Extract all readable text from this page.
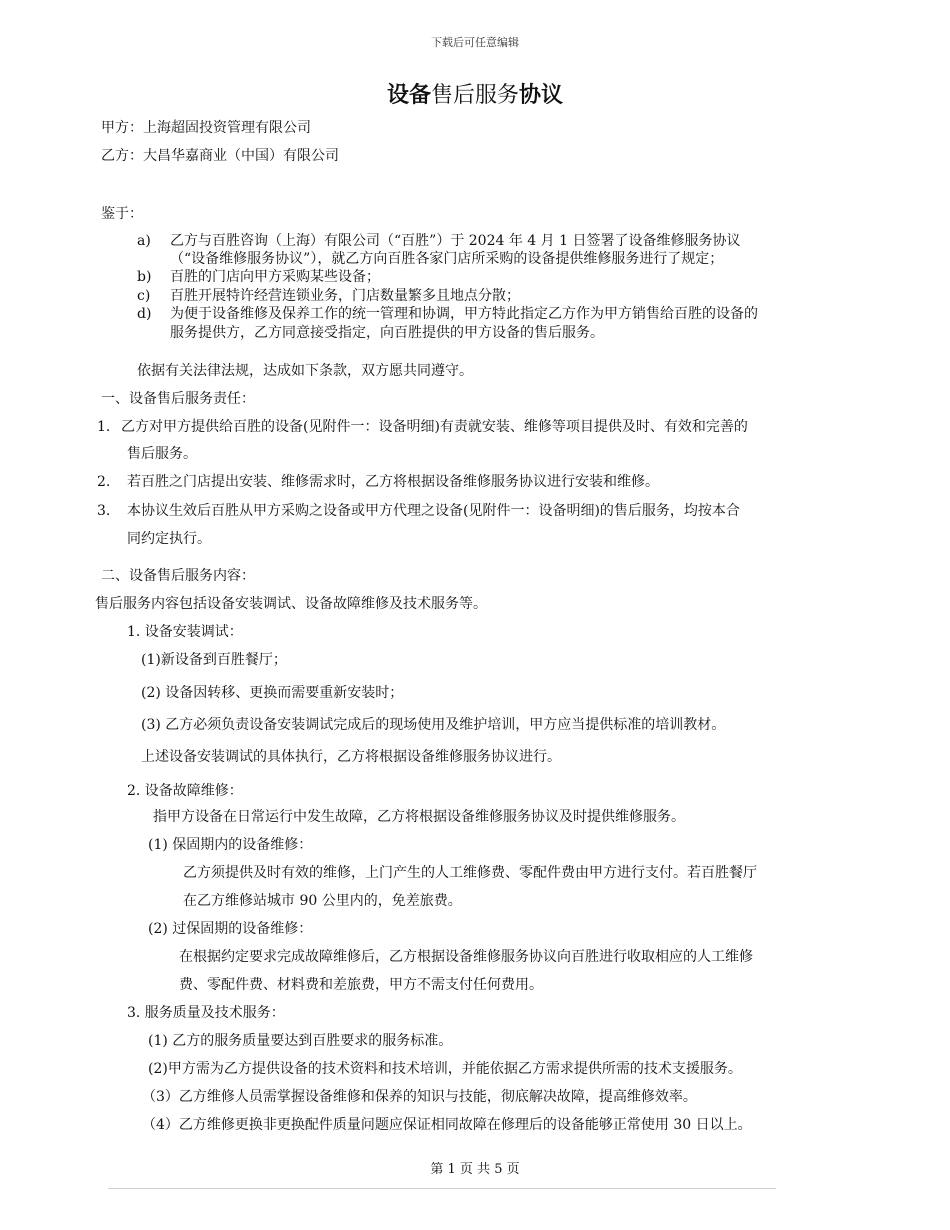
下载后可任意编辑
设备售后服务协议
甲方：上海超固投资管理有限公司
乙方：大昌华嘉商业（中国）有限公司
鉴于：
a) 乙方与百胜咨询（上海）有限公司（“百胜”）于 2024 年 4 月 1 日签署了设备维修服务协议
（“设备维修服务协议”），就乙方向百胜各家门店所采购的设备提供维修服务进行了规定；
b) 百胜的门店向甲方采购某些设备；
c) 百胜开展特许经营连锁业务，门店数量繁多且地点分散；
d) 为便于设备维修及保养工作的统一管理和协调，甲方特此指定乙方作为甲方销售给百胜的设备的
服务提供方，乙方同意接受指定，向百胜提供的甲方设备的售后服务。
依据有关法律法规，达成如下条款，双方愿共同遵守。
一、设备售后服务责任：
1. 乙方对甲方提供给百胜的设备(见附件一：设备明细)有责就安装、维修等项目提供及时、有效和完善的
售后服务。
2. 若百胜之门店提出安装、维修需求时，乙方将根据设备维修服务协议进行安装和维修。
3. 本协议生效后百胜从甲方采购之设备或甲方代理之设备(见附件一：设备明细)的售后服务，均按本合
同约定执行。
二、设备售后服务内容：
售后服务内容包括设备安装调试、设备故障维修及技术服务等。
1. 设备安装调试：
(1)新设备到百胜餐厅；
(2) 设备因转移、更换而需要重新安装时；
(3) 乙方必须负责设备安装调试完成后的现场使用及维护培训，甲方应当提供标准的培训教材。
上述设备安装调试的具体执行，乙方将根据设备维修服务协议进行。
2. 设备故障维修：
指甲方设备在日常运行中发生故障，乙方将根据设备维修服务协议及时提供维修服务。
(1) 保固期内的设备维修：
乙方须提供及时有效的维修，上门产生的人工维修费、零配件费由甲方进行支付。若百胜餐厅
在乙方维修站城市 90 公里内的，免差旅费。
(2) 过保固期的设备维修：
在根据约定要求完成故障维修后，乙方根据设备维修服务协议向百胜进行收取相应的人工维修
费、零配件费、材料费和差旅费，甲方不需支付任何费用。
3. 服务质量及技术服务：
(1) 乙方的服务质量要达到百胜要求的服务标准。
(2)甲方需为乙方提供设备的技术资料和技术培训，并能依据乙方需求提供所需的技术支援服务。
（3）乙方维修人员需掌握设备维修和保养的知识与技能，彻底解决故障，提高维修效率。
（4）乙方维修更换非更换配件质量问题应保证相同故障在修理后的设备能够正常使用 30 日以上。
第 1 页 共 5 页
